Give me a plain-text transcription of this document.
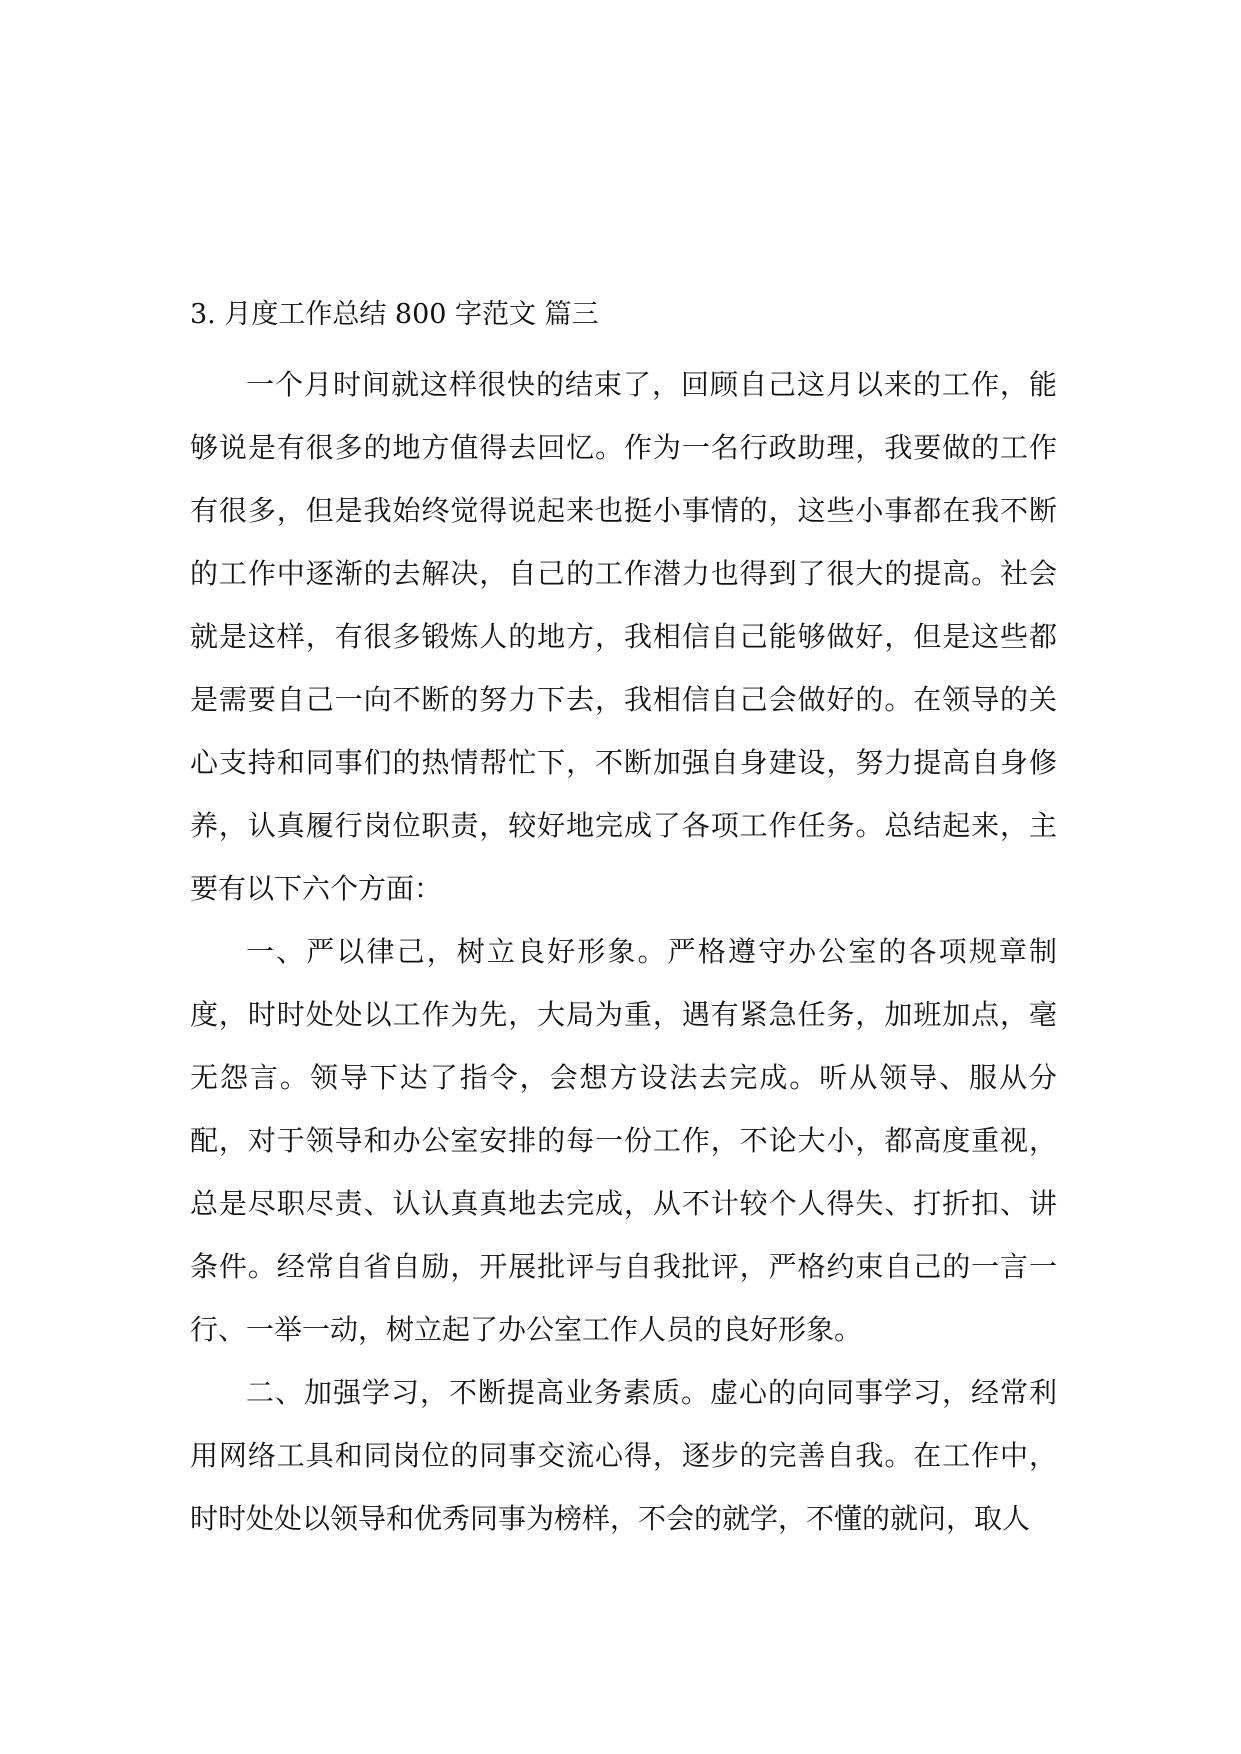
3. 月度工作总结 800 字范文 篇三

一个月时间就这样很快的结束了，回顾自己这月以来的工作，能够说是有很多的地方值得去回忆。作为一名行政助理，我要做的工作有很多，但是我始终觉得说起来也挺小事情的，这些小事都在我不断的工作中逐渐的去解决，自己的工作潜力也得到了很大的提高。社会就是这样，有很多锻炼人的地方，我相信自己能够做好，但是这些都是需要自己一向不断的努力下去，我相信自己会做好的。在领导的关心支持和同事们的热情帮忙下，不断加强自身建设，努力提高自身修养，认真履行岗位职责，较好地完成了各项工作任务。总结起来，主要有以下六个方面：

一、严以律己，树立良好形象。严格遵守办公室的各项规章制度，时时处处以工作为先，大局为重，遇有紧急任务，加班加点，毫无怨言。领导下达了指令，会想方设法去完成。听从领导、服从分配，对于领导和办公室安排的每一份工作，不论大小，都高度重视，总是尽职尽责、认认真真地去完成，从不计较个人得失、打折扣、讲条件。经常自省自励，开展批评与自我批评，严格约束自己的一言一行、一举一动，树立起了办公室工作人员的良好形象。

二、加强学习，不断提高业务素质。虚心的向同事学习，经常利用网络工具和同岗位的同事交流心得，逐步的完善自我。在工作中，时时处处以领导和优秀同事为榜样，不会的就学，不懂的就问，取人
